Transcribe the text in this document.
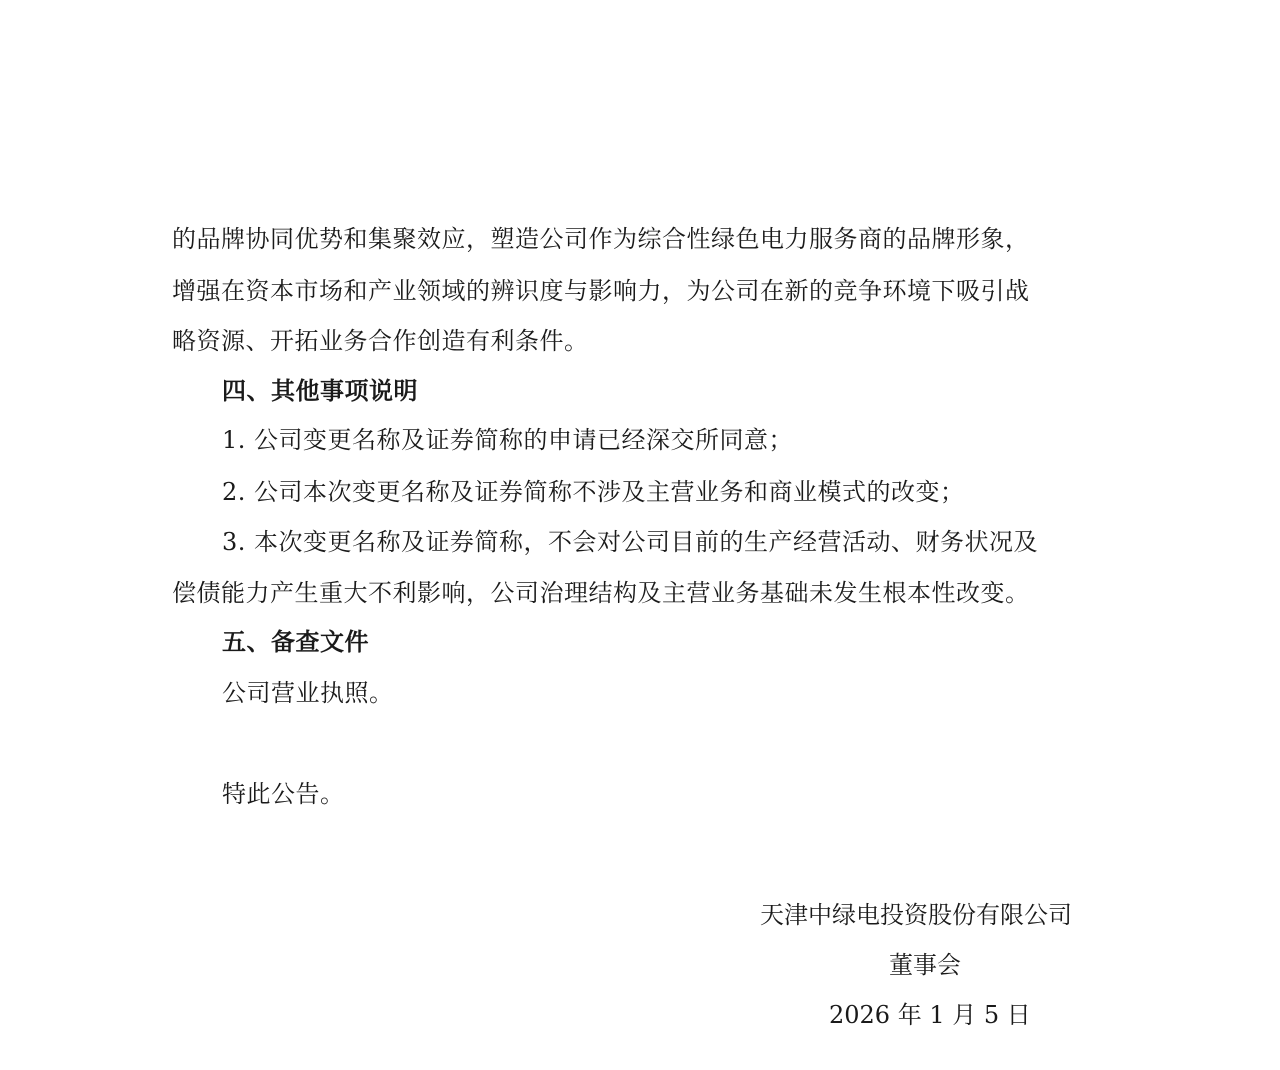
的品牌协同优势和集聚效应，塑造公司作为综合性绿色电力服务商的品牌形象，
增强在资本市场和产业领域的辨识度与影响力，为公司在新的竞争环境下吸引战
略资源、开拓业务合作创造有利条件。
四、其他事项说明
1. 公司变更名称及证券简称的申请已经深交所同意；
2. 公司本次变更名称及证券简称不涉及主营业务和商业模式的改变；
3. 本次变更名称及证券简称，不会对公司目前的生产经营活动、财务状况及
偿债能力产生重大不利影响，公司治理结构及主营业务基础未发生根本性改变。
五、备查文件
公司营业执照。
特此公告。
天津中绿电投资股份有限公司
董事会
2026 年 1 月 5 日
